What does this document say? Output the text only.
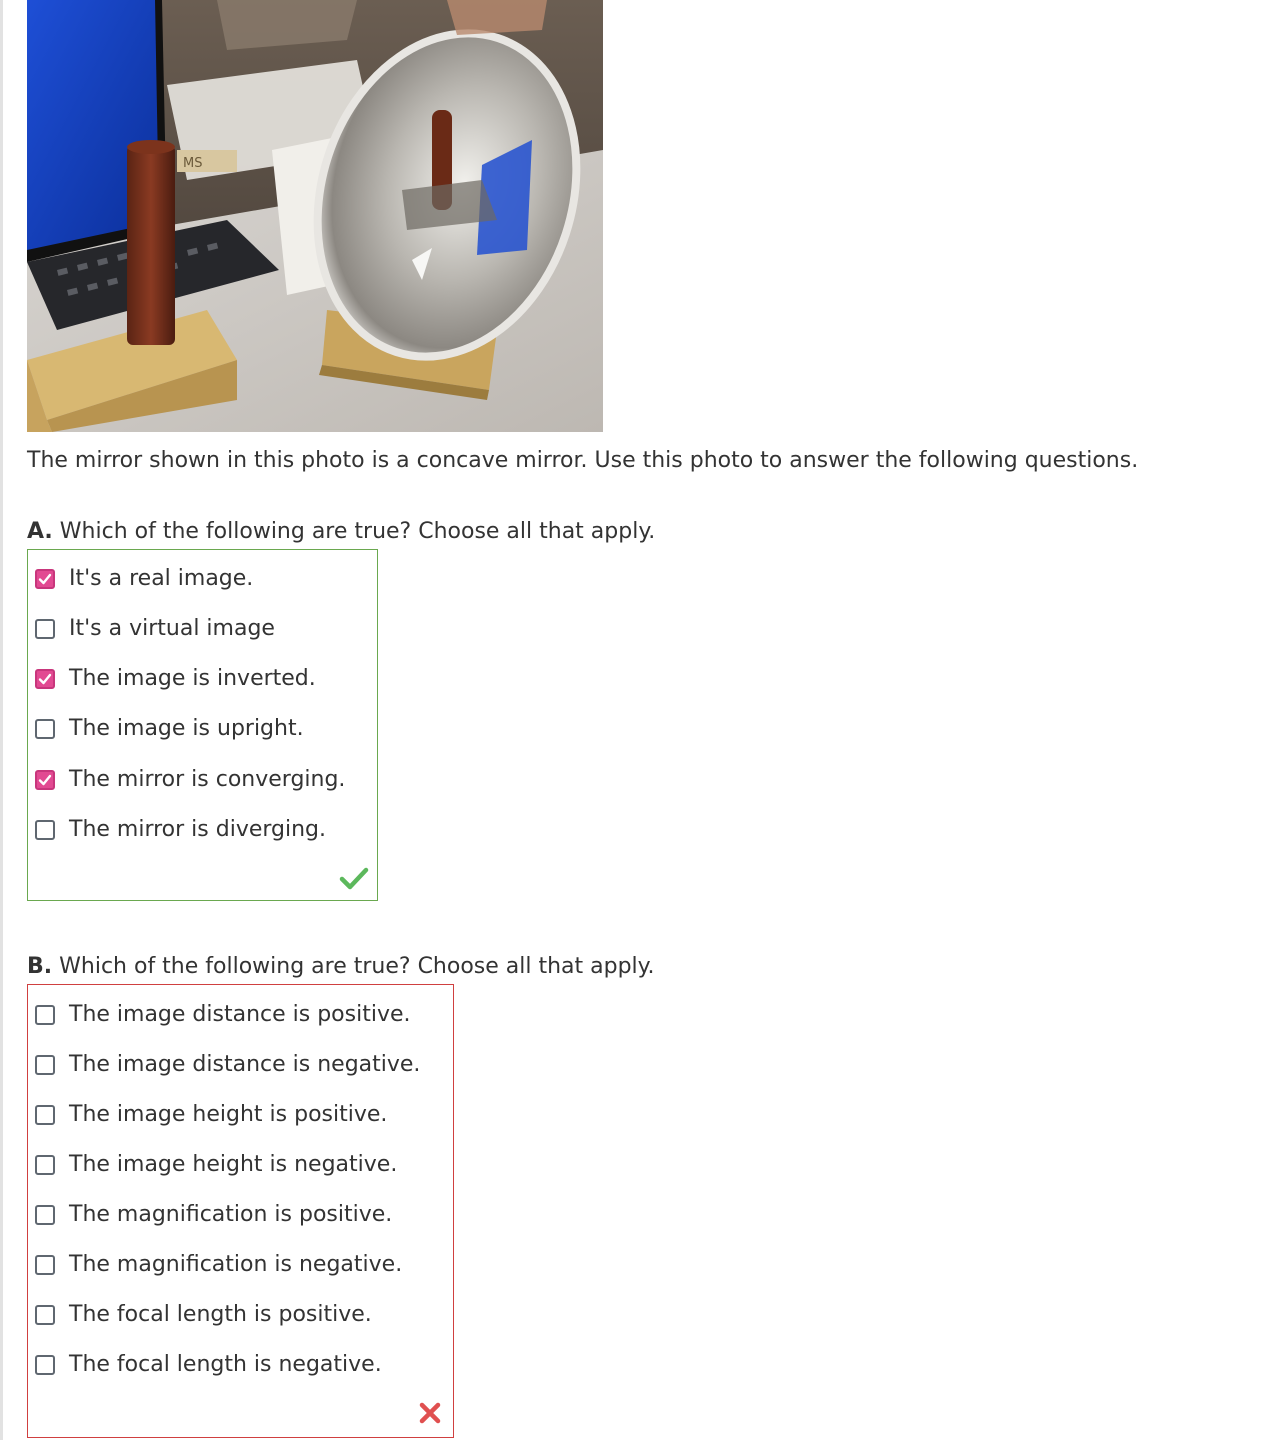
MS
The mirror shown in this photo is a concave mirror. Use this photo to answer the following questions.
A. Which of the following are true? Choose all that apply.
It's a real image.
It's a virtual image
The image is inverted.
The image is upright.
The mirror is converging.
The mirror is diverging.
B. Which of the following are true? Choose all that apply.
The image distance is positive.
The image distance is negative.
The image height is positive.
The image height is negative.
The magnification is positive.
The magnification is negative.
The focal length is positive.
The focal length is negative.
